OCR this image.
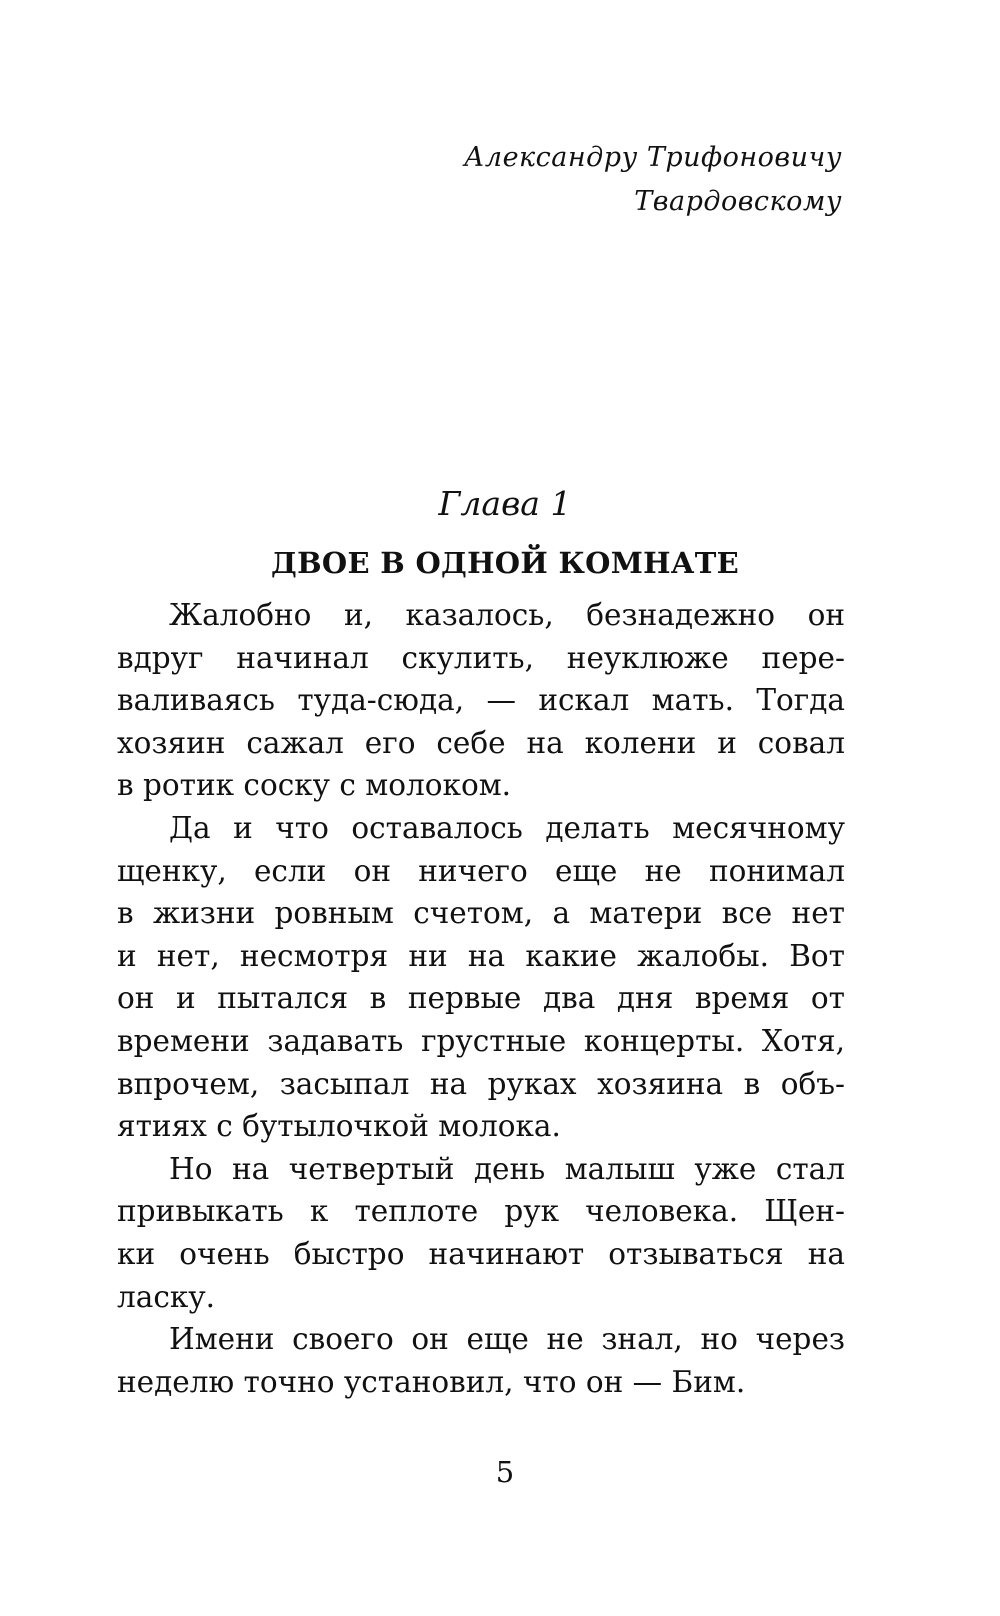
Александру Трифоновичу
Твардовскому
Глава 1
ДВОЕ В ОДНОЙ КОМНАТЕ
Жалобно и, казалось, безнадежно он
вдруг начинал скулить, неуклюже пере-
валиваясь туда-сюда, — искал мать. Тогда
хозяин сажал его себе на колени и совал
в ротик соску с молоком.
Да и что оставалось делать месячному
щенку, если он ничего еще не понимал
в жизни ровным счетом, а матери все нет
и нет, несмотря ни на какие жалобы. Вот
он и пытался в первые два дня время от
времени задавать грустные концерты. Хотя,
впрочем, засыпал на руках хозяина в объ-
ятиях с бутылочкой молока.
Но на четвертый день малыш уже стал
привыкать к теплоте рук человека. Щен-
ки очень быстро начинают отзываться на
ласку.
Имени своего он еще не знал, но через
неделю точно установил, что он — Бим.
5
